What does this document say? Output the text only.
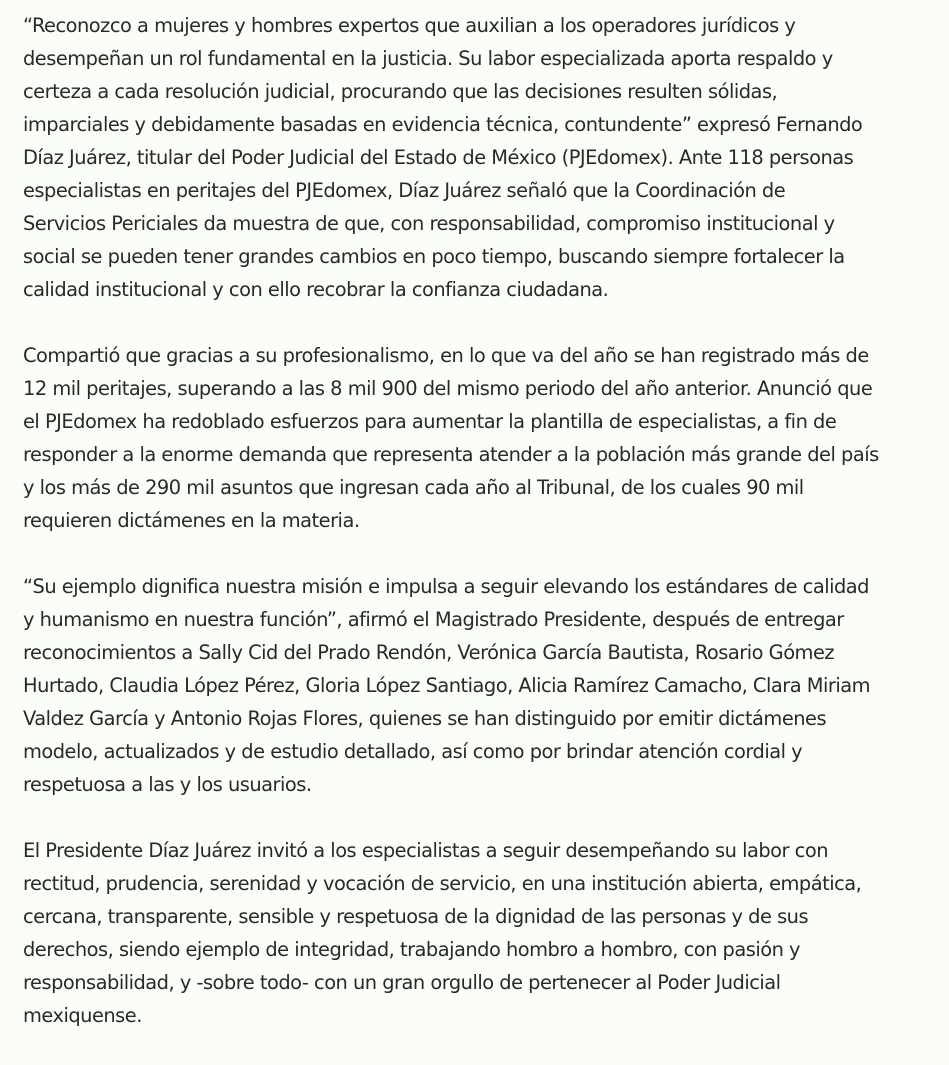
“Reconozco a mujeres y hombres expertos que auxilian a los operadores jurídicos y
desempeñan un rol fundamental en la justicia. Su labor especializada aporta respaldo y
certeza a cada resolución judicial, procurando que las decisiones resulten sólidas,
imparciales y debidamente basadas en evidencia técnica, contundente” expresó Fernando
Díaz Juárez, titular del Poder Judicial del Estado de México (PJEdomex). Ante 118 personas
especialistas en peritajes del PJEdomex, Díaz Juárez señaló que la Coordinación de
Servicios Periciales da muestra de que, con responsabilidad, compromiso institucional y
social se pueden tener grandes cambios en poco tiempo, buscando siempre fortalecer la
calidad institucional y con ello recobrar la confianza ciudadana.

Compartió que gracias a su profesionalismo, en lo que va del año se han registrado más de
12 mil peritajes, superando a las 8 mil 900 del mismo periodo del año anterior. Anunció que
el PJEdomex ha redoblado esfuerzos para aumentar la plantilla de especialistas, a fin de
responder a la enorme demanda que representa atender a la población más grande del país
y los más de 290 mil asuntos que ingresan cada año al Tribunal, de los cuales 90 mil
requieren dictámenes en la materia.

“Su ejemplo dignifica nuestra misión e impulsa a seguir elevando los estándares de calidad
y humanismo en nuestra función”, afirmó el Magistrado Presidente, después de entregar
reconocimientos a Sally Cid del Prado Rendón, Verónica García Bautista, Rosario Gómez
Hurtado, Claudia López Pérez, Gloria López Santiago, Alicia Ramírez Camacho, Clara Miriam
Valdez García y Antonio Rojas Flores, quienes se han distinguido por emitir dictámenes
modelo, actualizados y de estudio detallado, así como por brindar atención cordial y
respetuosa a las y los usuarios.

El Presidente Díaz Juárez invitó a los especialistas a seguir desempeñando su labor con
rectitud, prudencia, serenidad y vocación de servicio, en una institución abierta, empática,
cercana, transparente, sensible y respetuosa de la dignidad de las personas y de sus
derechos, siendo ejemplo de integridad, trabajando hombro a hombro, con pasión y
responsabilidad, y -sobre todo- con un gran orgullo de pertenecer al Poder Judicial
mexiquense.
